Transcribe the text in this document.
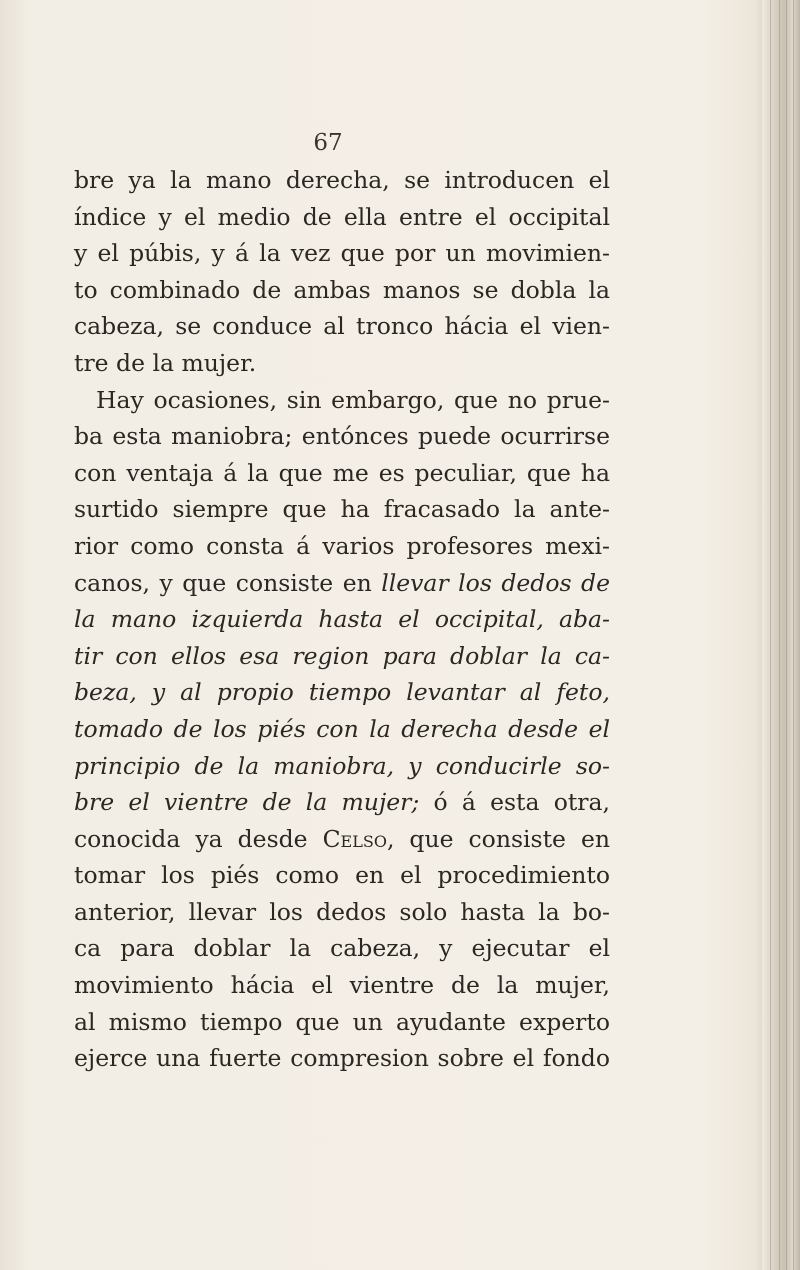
67
bre ya la mano derecha, se introducen el
índice y el medio de ella entre el occipital
y el púbis, y á la vez que por un movimien-
to combinado de ambas manos se dobla la
cabeza, se conduce al tronco hácia el vien-
tre de la mujer.
Hay ocasiones, sin embargo, que no prue-
ba esta maniobra; entónces puede ocurrirse
con ventaja á la que me es peculiar, que ha
surtido siempre que ha fracasado la ante-
rior como consta á varios profesores mexi-
canos, y que consiste en llevar los dedos de
la mano izquierda hasta el occipital, aba-
tir con ellos esa region para doblar la ca-
beza, y al propio tiempo levantar al feto,
tomado de los piés con la derecha desde el
principio de la maniobra, y conducirle so-
bre el vientre de la mujer; ó á esta otra,
conocida ya desde Celso, que consiste en
tomar los piés como en el procedimiento
anterior, llevar los dedos solo hasta la bo-
ca para doblar la cabeza, y ejecutar el
movimiento hácia el vientre de la mujer,
al mismo tiempo que un ayudante experto
ejerce una fuerte compresion sobre el fondo
